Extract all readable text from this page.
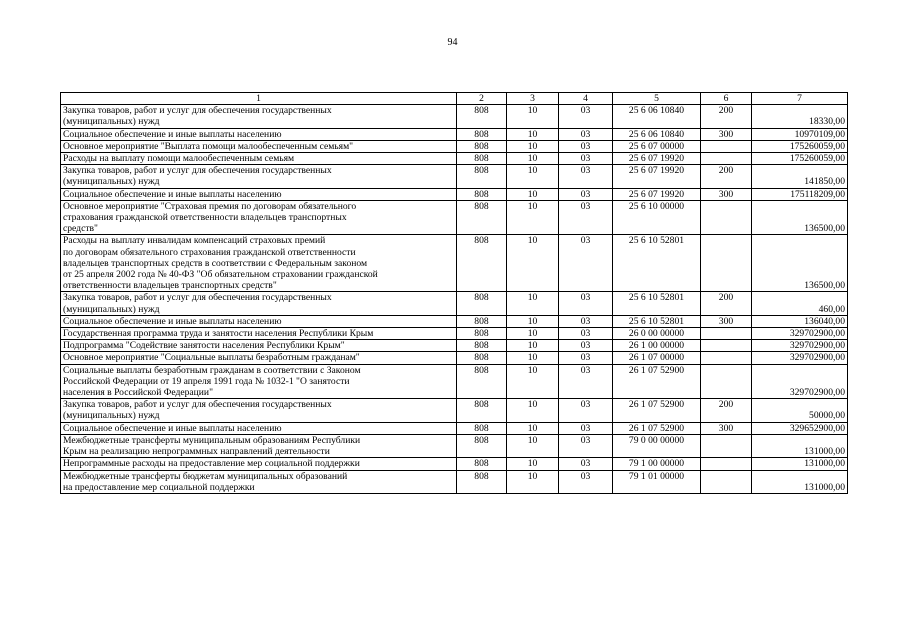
94
1	2	3	4	5	6	7

Закупка товаров, работ и услуг для обеспечения государственных
(муниципальных) нужд	808	10	03	25 6 06 10840	200	18330,00

Социальное обеспечение и иные выплаты населению	808	10	03	25 6 06 10840	300	10970109,00

Основное мероприятие "Выплата помощи малообеспеченным семьям"	808	10	03	25 6 07 00000		175260059,00

Расходы на выплату помощи малообеспеченным семьям	808	10	03	25 6 07 19920		175260059,00

Закупка товаров, работ и услуг для обеспечения государственных
(муниципальных) нужд	808	10	03	25 6 07 19920	200	141850,00

Социальное обеспечение и иные выплаты населению	808	10	03	25 6 07 19920	300	175118209,00

Основное мероприятие "Страховая премия по договорам обязательного
страхования гражданской ответственности владельцев транспортных
средств"	808	10	03	25 6 10 00000		136500,00

Расходы на выплату инвалидам компенсаций страховых премий
по договорам обязательного страхования гражданской ответственности
владельцев транспортных средств в соответствии с Федеральным законом
от 25 апреля 2002 года № 40-ФЗ "Об обязательном страховании гражданской
ответственности владельцев транспортных средств"	808	10	03	25 6 10 52801		136500,00

Закупка товаров, работ и услуг для обеспечения государственных
(муниципальных) нужд	808	10	03	25 6 10 52801	200	460,00

Социальное обеспечение и иные выплаты населению	808	10	03	25 6 10 52801	300	136040,00

Государственная программа труда и занятости населения Республики Крым	808	10	03	26 0 00 00000		329702900,00

Подпрограмма "Содействие занятости населения Республики Крым"	808	10	03	26 1 00 00000		329702900,00

Основное мероприятие "Социальные выплаты безработным гражданам"	808	10	03	26 1 07 00000		329702900,00

Социальные выплаты безработным гражданам в соответствии с Законом
Российской Федерации от 19 апреля 1991 года № 1032-1 "О занятости
населения в Российской Федерации"	808	10	03	26 1 07 52900		329702900,00

Закупка товаров, работ и услуг для обеспечения государственных
(муниципальных) нужд	808	10	03	26 1 07 52900	200	50000,00

Социальное обеспечение и иные выплаты населению	808	10	03	26 1 07 52900	300	329652900,00

Межбюджетные трансферты муниципальным образованиям Республики
Крым на реализацию непрограммных направлений деятельности	808	10	03	79 0 00 00000		131000,00

Непрограммные расходы на предоставление мер социальной поддержки	808	10	03	79 1 00 00000		131000,00

Межбюджетные трансферты бюджетам муниципальных образований
на предоставление мер социальной поддержки	808	10	03	79 1 01 00000		131000,00
